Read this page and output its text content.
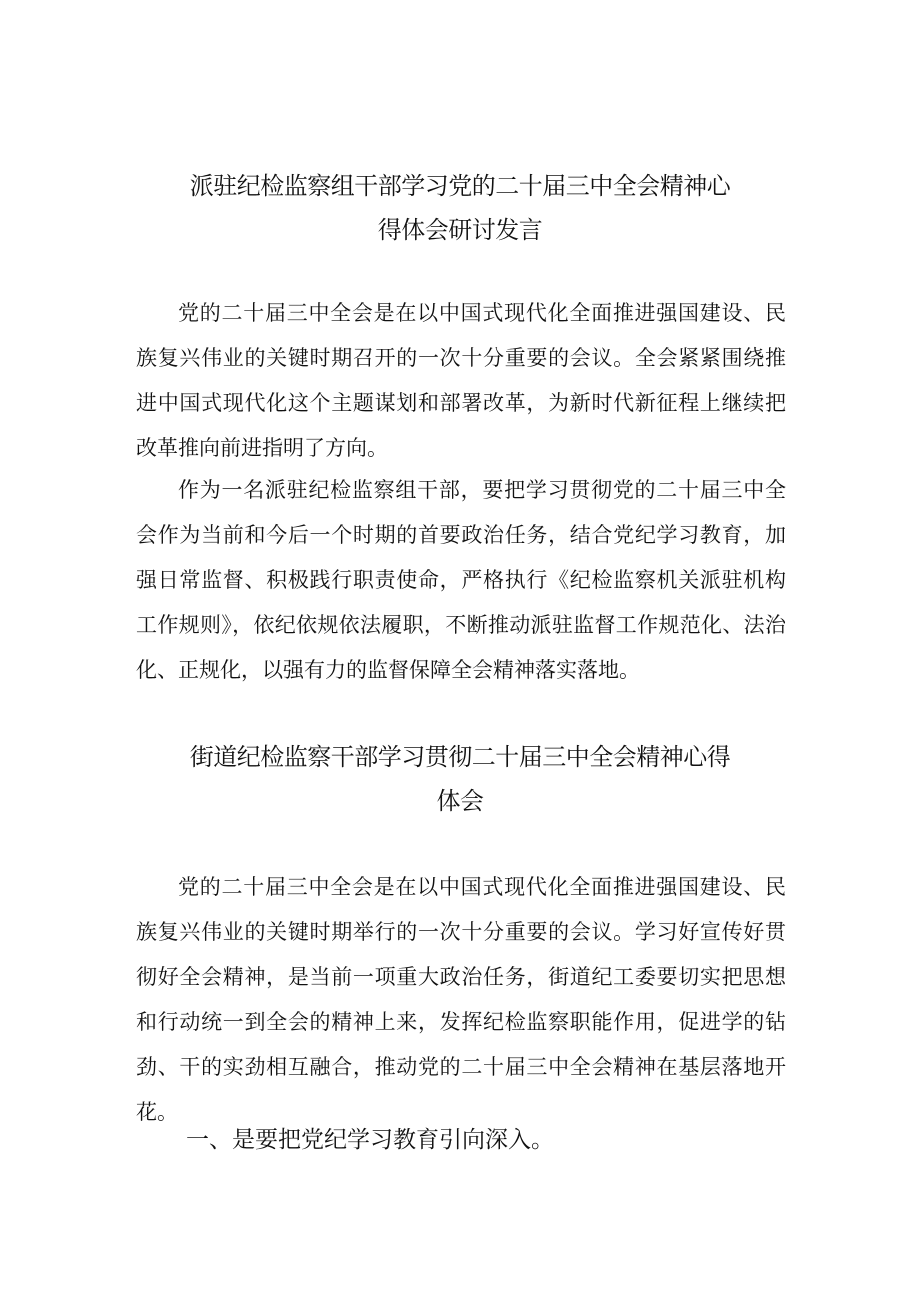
派驻纪检监察组干部学习党的二十届三中全会精神心
得体会研讨发言

党的二十届三中全会是在以中国式现代化全面推进强国建设、民族复兴伟业的关键时期召开的一次十分重要的会议。全会紧紧围绕推进中国式现代化这个主题谋划和部署改革，为新时代新征程上继续把改革推向前进指明了方向。

作为一名派驻纪检监察组干部，要把学习贯彻党的二十届三中全会作为当前和今后一个时期的首要政治任务，结合党纪学习教育，加强日常监督、积极践行职责使命，严格执行《纪检监察机关派驻机构工作规则》，依纪依规依法履职，不断推动派驻监督工作规范化、法治化、正规化，以强有力的监督保障全会精神落实落地。

街道纪检监察干部学习贯彻二十届三中全会精神心得
体会

党的二十届三中全会是在以中国式现代化全面推进强国建设、民族复兴伟业的关键时期举行的一次十分重要的会议。学习好宣传好贯彻好全会精神，是当前一项重大政治任务，街道纪工委要切实把思想和行动统一到全会的精神上来，发挥纪检监察职能作用，促进学的钻劲、干的实劲相互融合，推动党的二十届三中全会精神在基层落地开花。

一、是要把党纪学习教育引向深入。
